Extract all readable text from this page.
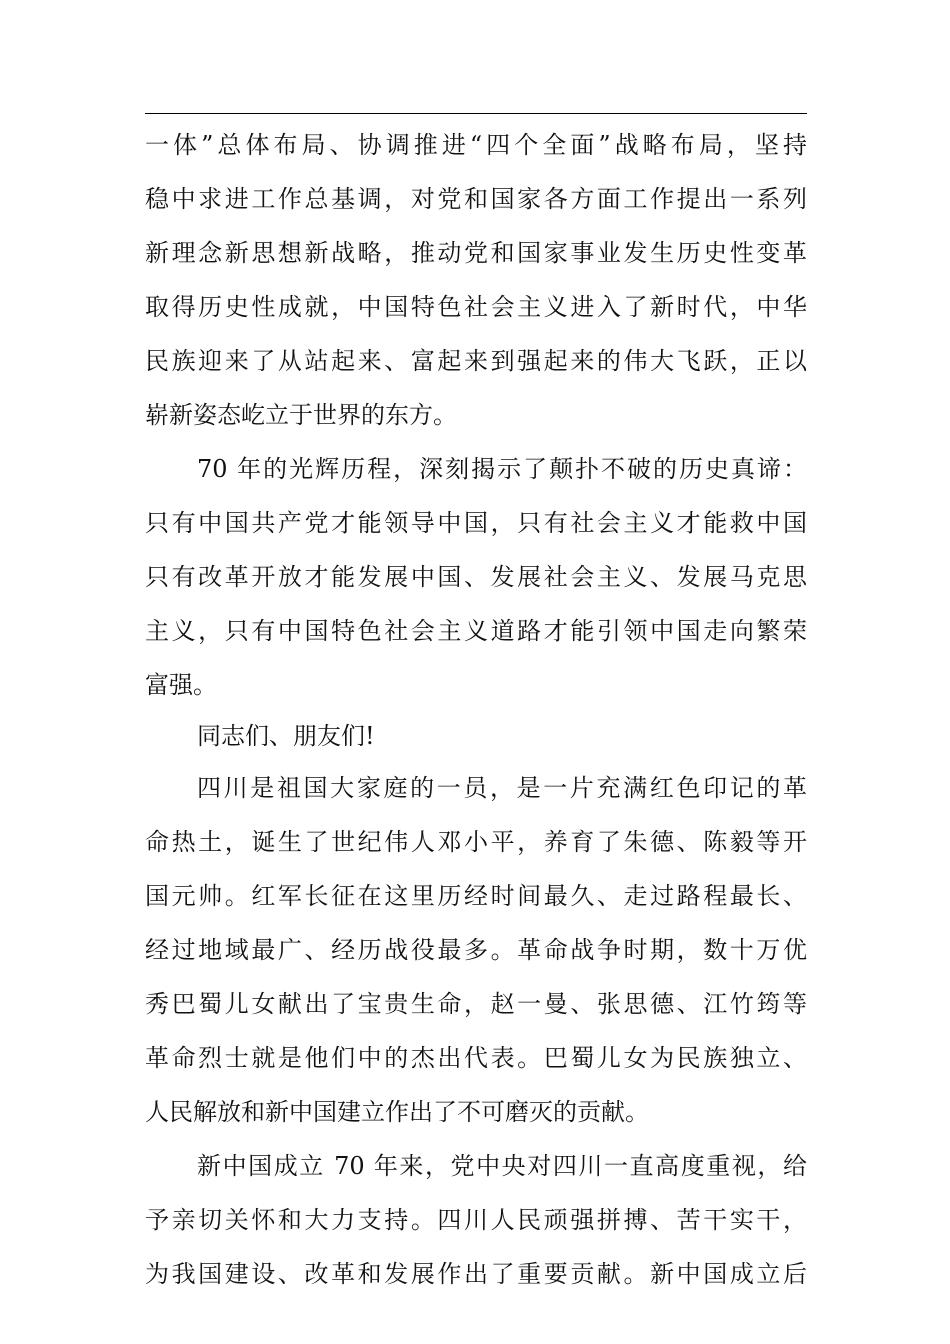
一体”总体布局、协调推进“四个全面”战略布局，坚持
稳中求进工作总基调，对党和国家各方面工作提出一系列
新理念新思想新战略，推动党和国家事业发生历史性变革
取得历史性成就，中国特色社会主义进入了新时代，中华
民族迎来了从站起来、富起来到强起来的伟大飞跃，正以
崭新姿态屹立于世界的东方。
70 年的光辉历程，深刻揭示了颠扑不破的历史真谛：
只有中国共产党才能领导中国，只有社会主义才能救中国
只有改革开放才能发展中国、发展社会主义、发展马克思
主义，只有中国特色社会主义道路才能引领中国走向繁荣
富强。
同志们、朋友们!
四川是祖国大家庭的一员，是一片充满红色印记的革
命热土，诞生了世纪伟人邓小平，养育了朱德、陈毅等开
国元帅。红军长征在这里历经时间最久、走过路程最长、
经过地域最广、经历战役最多。革命战争时期，数十万优
秀巴蜀儿女献出了宝贵生命，赵一曼、张思德、江竹筠等
革命烈士就是他们中的杰出代表。巴蜀儿女为民族独立、
人民解放和新中国建立作出了不可磨灭的贡献。
新中国成立 70 年来，党中央对四川一直高度重视，给
予亲切关怀和大力支持。四川人民顽强拼搏、苦干实干，
为我国建设、改革和发展作出了重要贡献。新中国成立后
